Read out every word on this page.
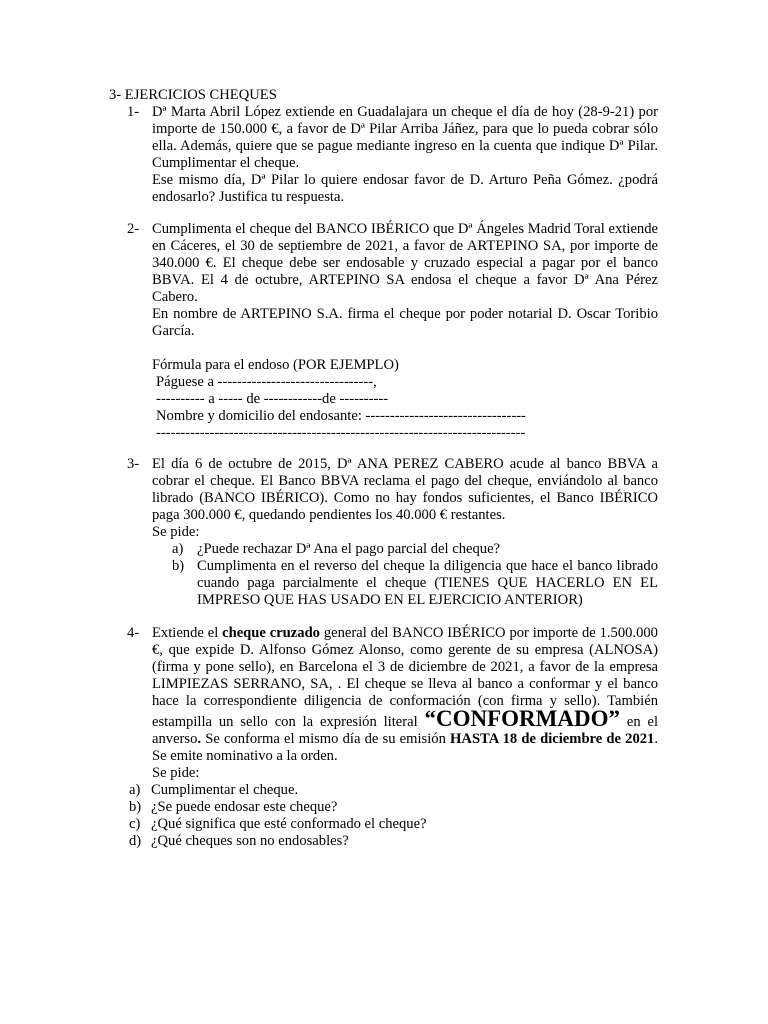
3- EJERCICIOS CHEQUES
1- Dª Marta Abril López extiende en Guadalajara un cheque el día de hoy (28-9-21) por importe de 150.000 €, a favor de Dª Pilar Arriba Jáñez, para que lo pueda cobrar sólo ella. Además, quiere que se pague mediante ingreso en la cuenta que indique Dª Pilar. Cumplimentar el cheque.

Ese mismo día, Dª Pilar lo quiere endosar favor de D. Arturo Peña Gómez. ¿podrá endosarlo? Justifica tu respuesta.

2- Cumplimenta el cheque del BANCO IBÉRICO que Dª Ángeles Madrid Toral extiende en Cáceres, el 30 de septiembre de 2021, a favor de ARTEPINO SA, por importe de 340.000 €. El cheque debe ser endosable y cruzado especial a pagar por el banco BBVA. El 4 de octubre, ARTEPINO SA endosa el cheque a favor Dª Ana Pérez Cabero.

En nombre de ARTEPINO S.A. firma el cheque por poder notarial D. Oscar Toribio García.

Fórmula para el endoso (POR EJEMPLO)

Páguese a --------------------------------,
---------- a ----- de ------------de ----------
Nombre y domicilio del endosante: ---------------------------------
----------------------------------------------------------------------------
3- El día 6 de octubre de 2015, Dª ANA PEREZ CABERO acude al banco BBVA a cobrar el cheque. El Banco BBVA reclama el pago del cheque, enviándolo al banco librado (BANCO IBÉRICO). Como no hay fondos suficientes, el Banco IBÉRICO paga 300.000 €, quedando pendientes los 40.000 € restantes.

Se pide:

a) ¿Puede rechazar Dª Ana el pago parcial del cheque?
b) Cumplimenta en el reverso del cheque la diligencia que hace el banco librado cuando paga parcialmente el cheque (TIENES QUE HACERLO EN EL IMPRESO QUE HAS USADO EN EL EJERCICIO ANTERIOR)
4- Extiende el cheque cruzado general del BANCO IBÉRICO por importe de 1.500.000 €, que expide D. Alfonso Gómez Alonso, como gerente de su empresa (ALNOSA) (firma y pone sello), en Barcelona el 3 de diciembre de 2021, a favor de la empresa LIMPIEZAS SERRANO, SA, . El cheque se lleva al banco a conformar y el banco hace la correspondiente diligencia de conformación (con firma y sello). También estampilla un sello con la expresión literal “CONFORMADO” en el anverso. Se conforma el mismo día de su emisión HASTA 18 de diciembre de 2021. Se emite nominativo a la orden.

Se pide:

a) Cumplimentar el cheque.
b) ¿Se puede endosar este cheque?
c) ¿Qué significa que esté conformado el cheque?
d) ¿Qué cheques son no endosables?
